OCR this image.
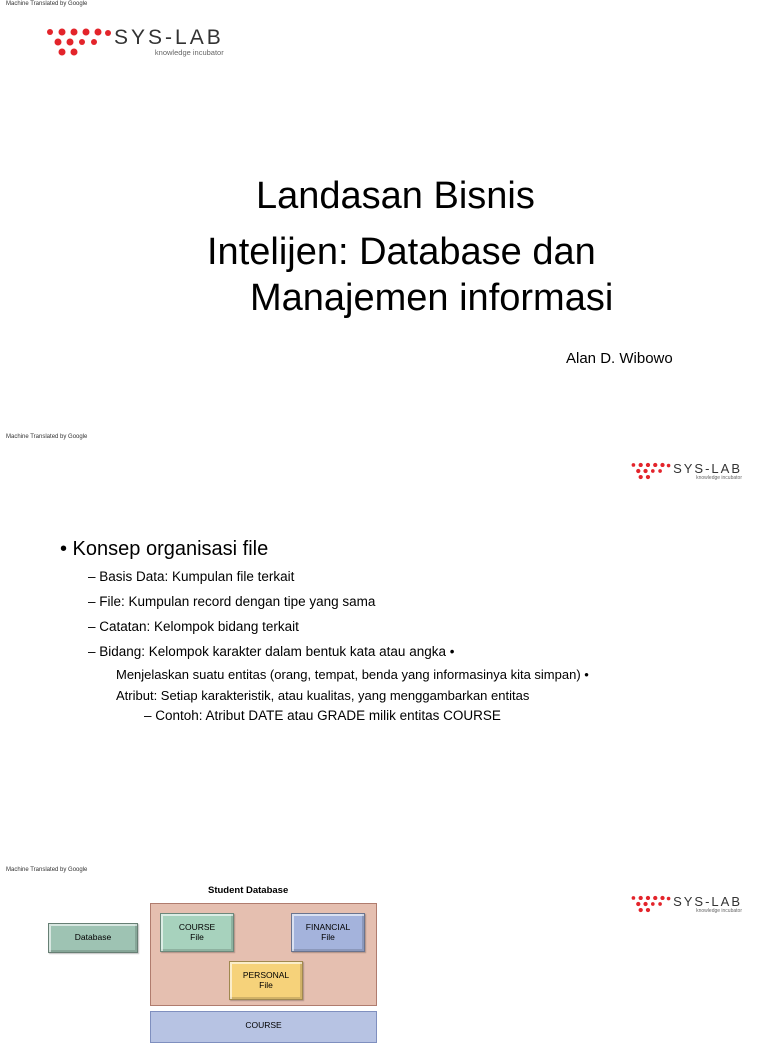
Machine Translated by Google
SYS-LAB
knowledge incubator
Landasan Bisnis
Intelijen: Database dan
Manajemen informasi
Alan D. Wibowo
Machine Translated by Google
SYS-LAB
knowledge incubator
• Konsep organisasi file
– Basis Data: Kumpulan file terkait
– File: Kumpulan record dengan tipe yang sama
– Catatan: Kelompok bidang terkait
– Bidang: Kelompok karakter dalam bentuk kata atau angka •
Menjelaskan suatu entitas (orang, tempat, benda yang informasinya kita simpan) •
Atribut: Setiap karakteristik, atau kualitas, yang menggambarkan entitas
– Contoh: Atribut DATE atau GRADE milik entitas COURSE
Machine Translated by Google
SYS-LAB
knowledge incubator
Student Database
Database
COURSE
File
FINANCIAL
File
PERSONAL
File
COURSE
